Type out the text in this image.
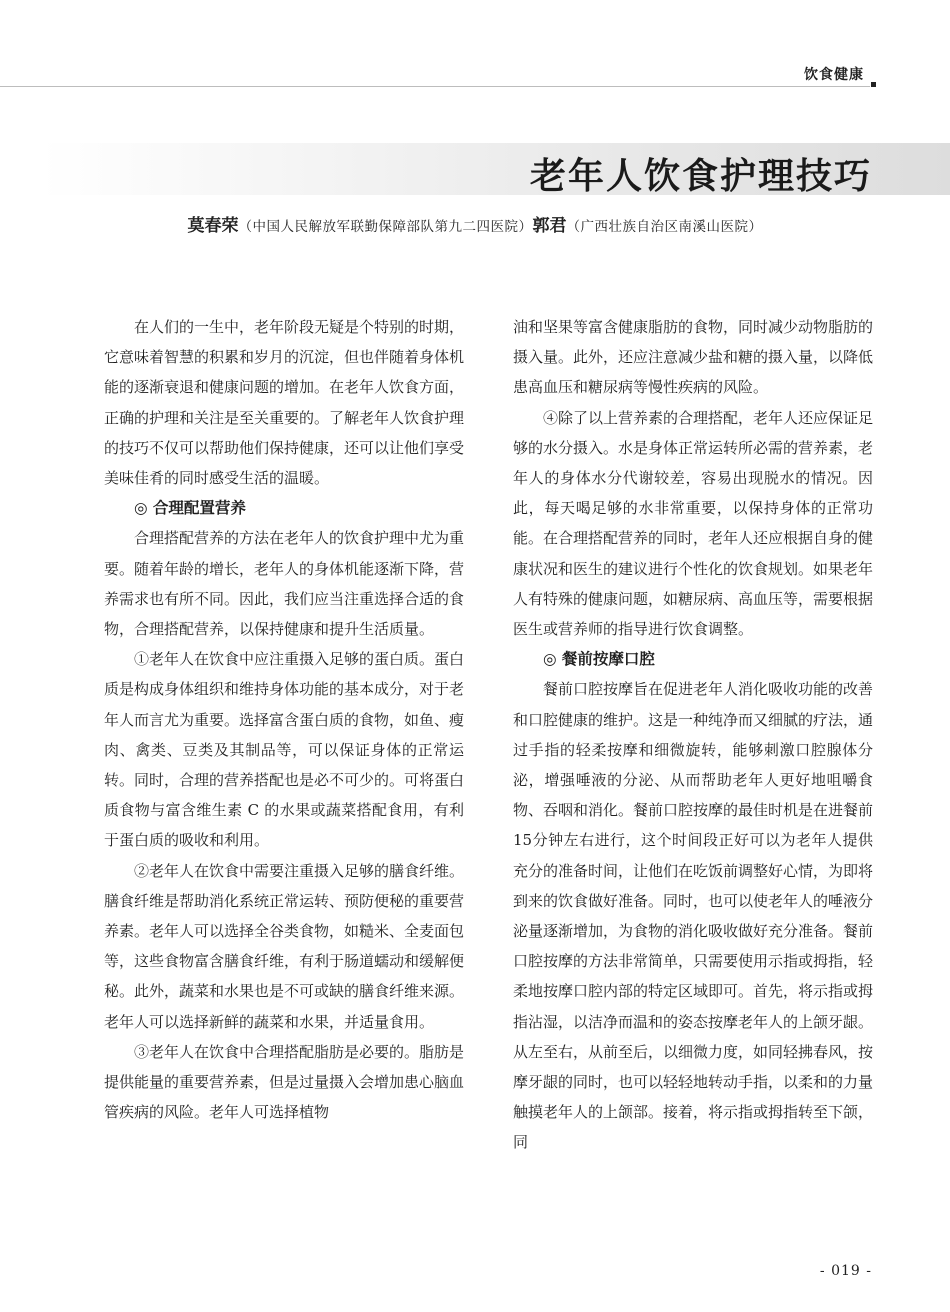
饮食健康
老年人饮食护理技巧
莫春荣（中国人民解放军联勤保障部队第九二四医院）郭君（广西壮族自治区南溪山医院）

在人们的一生中，老年阶段无疑是个特别的时期，它意味着智慧的积累和岁月的沉淀，但也伴随着身体机能的逐渐衰退和健康问题的增加。在老年人饮食方面，正确的护理和关注是至关重要的。了解老年人饮食护理的技巧不仅可以帮助他们保持健康，还可以让他们享受美味佳肴的同时感受生活的温暖。

◎ 合理配置营养

合理搭配营养的方法在老年人的饮食护理中尤为重要。随着年龄的增长，老年人的身体机能逐渐下降，营养需求也有所不同。因此，我们应当注重选择合适的食物，合理搭配营养，以保持健康和提升生活质量。

①老年人在饮食中应注重摄入足够的蛋白质。蛋白质是构成身体组织和维持身体功能的基本成分，对于老年人而言尤为重要。选择富含蛋白质的食物，如鱼、瘦肉、禽类、豆类及其制品等，可以保证身体的正常运转。同时，合理的营养搭配也是必不可少的。可将蛋白质食物与富含维生素 C 的水果或蔬菜搭配食用，有利于蛋白质的吸收和利用。

②老年人在饮食中需要注重摄入足够的膳食纤维。膳食纤维是帮助消化系统正常运转、预防便秘的重要营养素。老年人可以选择全谷类食物，如糙米、全麦面包等，这些食物富含膳食纤维，有利于肠道蠕动和缓解便秘。此外，蔬菜和水果也是不可或缺的膳食纤维来源。老年人可以选择新鲜的蔬菜和水果，并适量食用。

③老年人在饮食中合理搭配脂肪是必要的。脂肪是提供能量的重要营养素，但是过量摄入会增加患心脑血管疾病的风险。老年人可选择植物

油和坚果等富含健康脂肪的食物，同时减少动物脂肪的摄入量。此外，还应注意减少盐和糖的摄入量，以降低患高血压和糖尿病等慢性疾病的风险。

④除了以上营养素的合理搭配，老年人还应保证足够的水分摄入。水是身体正常运转所必需的营养素，老年人的身体水分代谢较差，容易出现脱水的情况。因此，每天喝足够的水非常重要，以保持身体的正常功能。在合理搭配营养的同时，老年人还应根据自身的健康状况和医生的建议进行个性化的饮食规划。如果老年人有特殊的健康问题，如糖尿病、高血压等，需要根据医生或营养师的指导进行饮食调整。

◎ 餐前按摩口腔

餐前口腔按摩旨在促进老年人消化吸收功能的改善和口腔健康的维护。这是一种纯净而又细腻的疗法，通过手指的轻柔按摩和细微旋转，能够刺激口腔腺体分泌，增强唾液的分泌、从而帮助老年人更好地咀嚼食物、吞咽和消化。餐前口腔按摩的最佳时机是在进餐前15分钟左右进行，这个时间段正好可以为老年人提供充分的准备时间，让他们在吃饭前调整好心情，为即将到来的饮食做好准备。同时，也可以使老年人的唾液分泌量逐渐增加，为食物的消化吸收做好充分准备。餐前口腔按摩的方法非常简单，只需要使用示指或拇指，轻柔地按摩口腔内部的特定区域即可。首先，将示指或拇指沾湿，以洁净而温和的姿态按摩老年人的上颌牙龈。从左至右，从前至后，以细微力度，如同轻拂春风，按摩牙龈的同时，也可以轻轻地转动手指，以柔和的力量触摸老年人的上颌部。接着，将示指或拇指转至下颌，同

- 019 -
